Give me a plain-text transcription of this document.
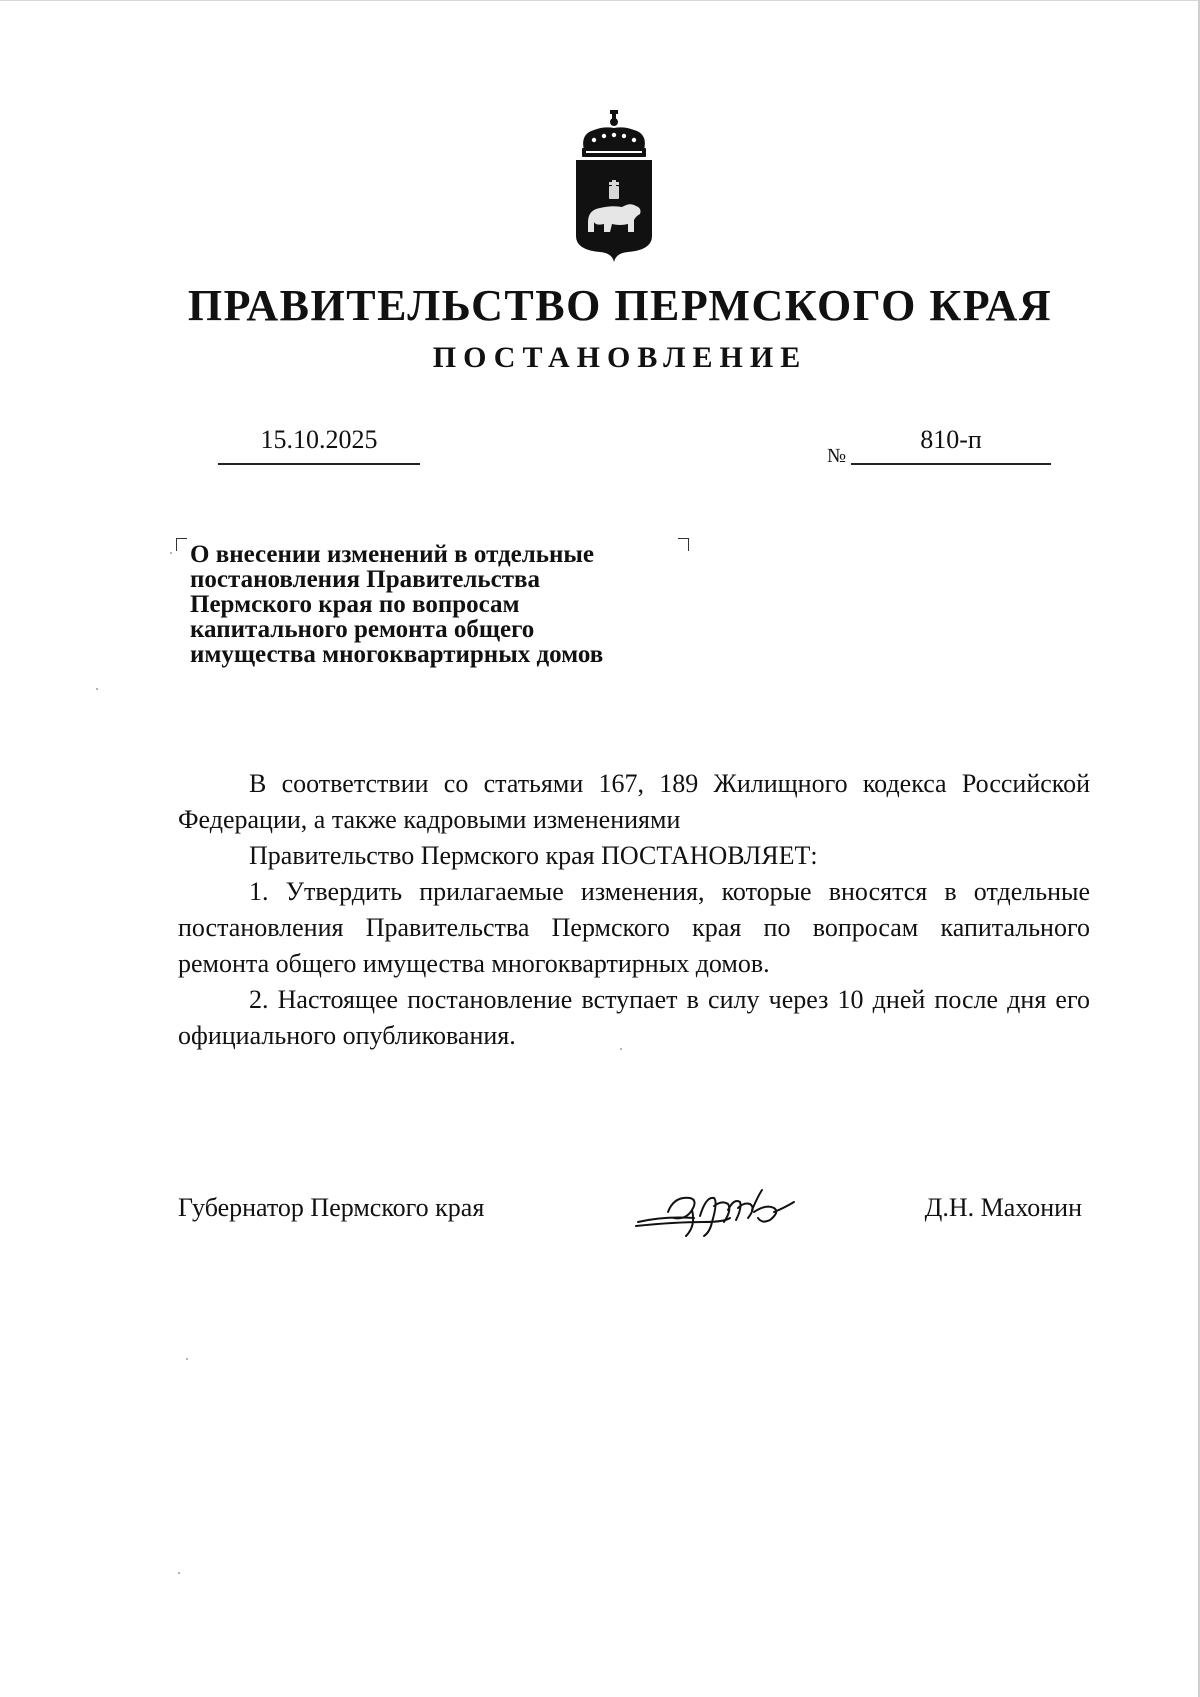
ПРАВИТЕЛЬСТВО ПЕРМСКОГО КРАЯ
ПОСТАНОВЛЕНИЕ
15.10.2025
№
810-п
О внесении изменений в отдельные
постановления Правительства
Пермского края по вопросам
капитального ремонта общего
имущества многоквартирных домов

В соответствии со статьями 167, 189 Жилищного кодекса Российской Федерации, а также кадровыми изменениями

Правительство Пермского края ПОСТАНОВЛЯЕТ:

1. Утвердить прилагаемые изменения, которые вносятся в отдельные постановления Правительства Пермского края по вопросам капитального ремонта общего имущества многоквартирных домов.

2. Настоящее постановление вступает в силу через 10 дней после дня его официального опубликования.

Губернатор Пермского края	Д.Н. Махонин
